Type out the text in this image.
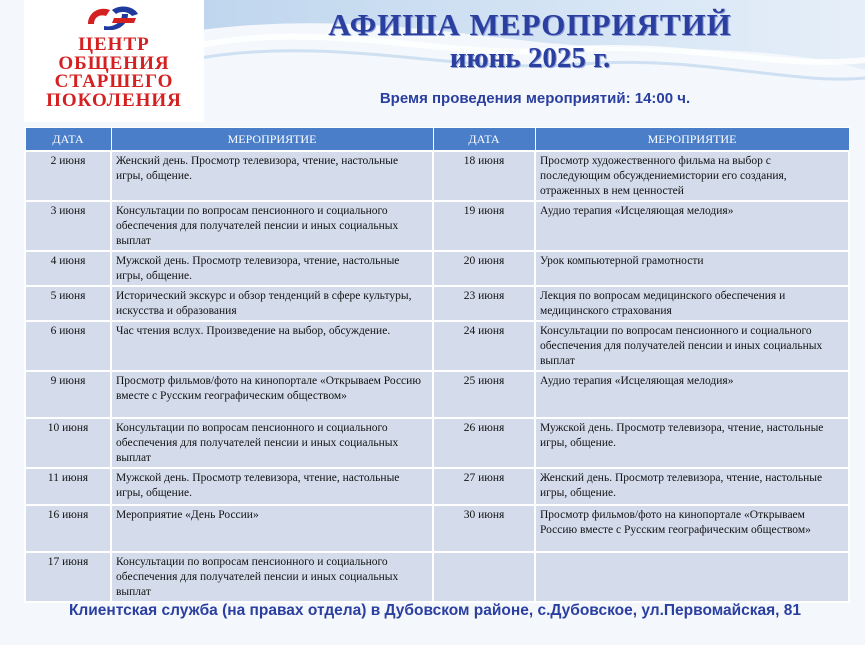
ЦЕНТР
ОБЩЕНИЯ
СТАРШЕГО
ПОКОЛЕНИЯ
АФИША МЕРОПРИЯТИЙ
июнь 2025 г.
Время проведения мероприятий: 14:00 ч.
ДАТА	МЕРОПРИЯТИЕ	ДАТА	МЕРОПРИЯТИЕ
2 июня	Женский день. Просмотр телевизора, чтение, настольные игры, общение.	18 июня	Просмотр художественного фильма на выбор с последующим обсуждениемистории его создания, отраженных в нем ценностей
3 июня	Консультации по вопросам пенсионного и социального обеспечения для получателей пенсии и иных социальных выплат	19 июня	Аудио терапия «Исцеляющая мелодия»
4 июня	Мужской день. Просмотр телевизора, чтение, настольные игры, общение.	20 июня	Урок компьютерной грамотности
5 июня	Исторический экскурс и обзор тенденций в сфере культуры, искусства и образования	23 июня	Лекция по вопросам медицинского обеспечения и медицинского страхования
6 июня	Час чтения вслух. Произведение на выбор, обсуждение.	24 июня	Консультации по вопросам пенсионного и социального обеспечения для получателей пенсии и иных социальных выплат
9 июня	Просмотр фильмов/фото на кинопортале «Открываем Россию вместе с Русским географическим обществом»	25 июня	Аудио терапия «Исцеляющая мелодия»
10 июня	Консультации по вопросам пенсионного и социального обеспечения для получателей пенсии и иных социальных выплат	26 июня	Мужской день. Просмотр телевизора, чтение, настольные игры, общение.
11 июня	Мужской день. Просмотр телевизора, чтение, настольные игры, общение.	27 июня	Женский день. Просмотр телевизора, чтение, настольные игры, общение.
16 июня	Мероприятие «День России»	30 июня	Просмотр фильмов/фото на кинопортале «Открываем Россию вместе с Русским географическим обществом»
17 июня	Консультации по вопросам пенсионного и социального обеспечения для получателей пенсии и иных социальных выплат		
Клиентская служба (на правах отдела) в Дубовском районе, с.Дубовское, ул.Первомайская, 81
